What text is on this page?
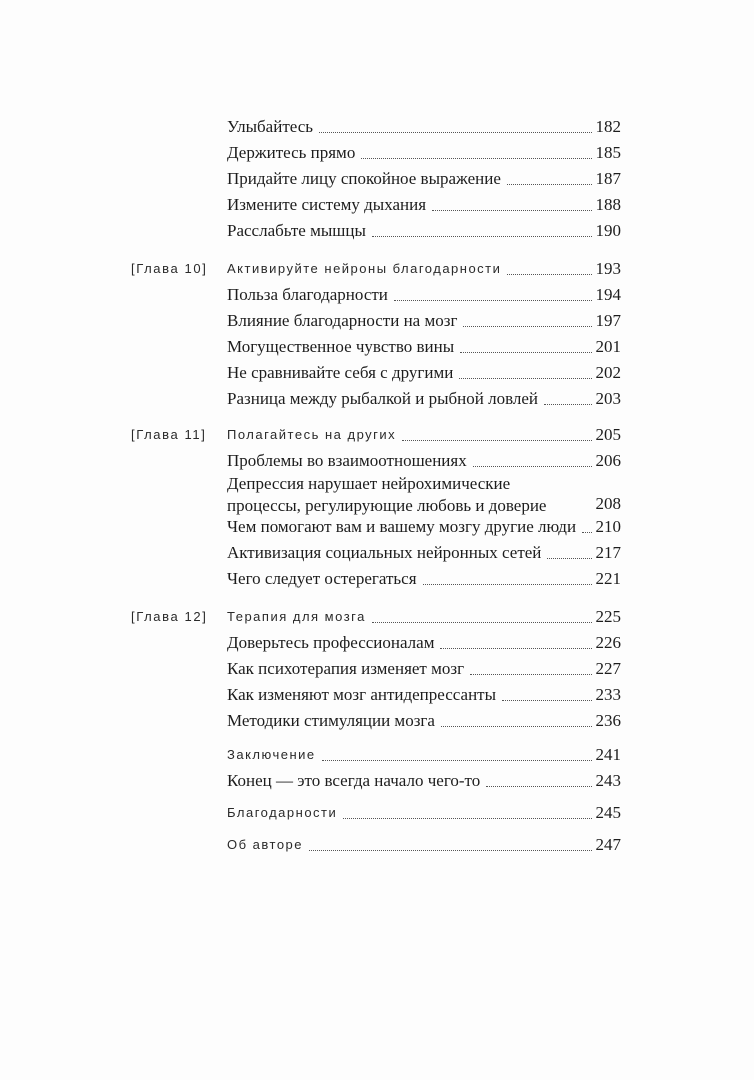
Улыбайтесь	182
Держитесь прямо	185
Придайте лицу спокойное выражение	187
Измените систему дыхания	188
Расслабьте мышцы	190
[Глава 10] Активируйте нейроны благодарности	193
Польза благодарности	194
Влияние благодарности на мозг	197
Могущественное чувство вины	201
Не сравнивайте себя с другими	202
Разница между рыбалкой и рыбной ловлей	203
[Глава 11] Полагайтесь на других	205
Проблемы во взаимоотношениях	206
Депрессия нарушает нейрохимические
процессы, регулирующие любовь и доверие	208
Чем помогают вам и вашему мозгу другие люди 210
Активизация социальных нейронных сетей	217
Чего следует остерегаться	221
[Глава 12] Терапия для мозга	225
Доверьтесь профессионалам	226
Как психотерапия изменяет мозг	227
Как изменяют мозг антидепрессанты	233
Методики стимуляции мозга	236
Заключение	241
Конец — это всегда начало чего-то	243
Благодарности	245
Об авторе	247
